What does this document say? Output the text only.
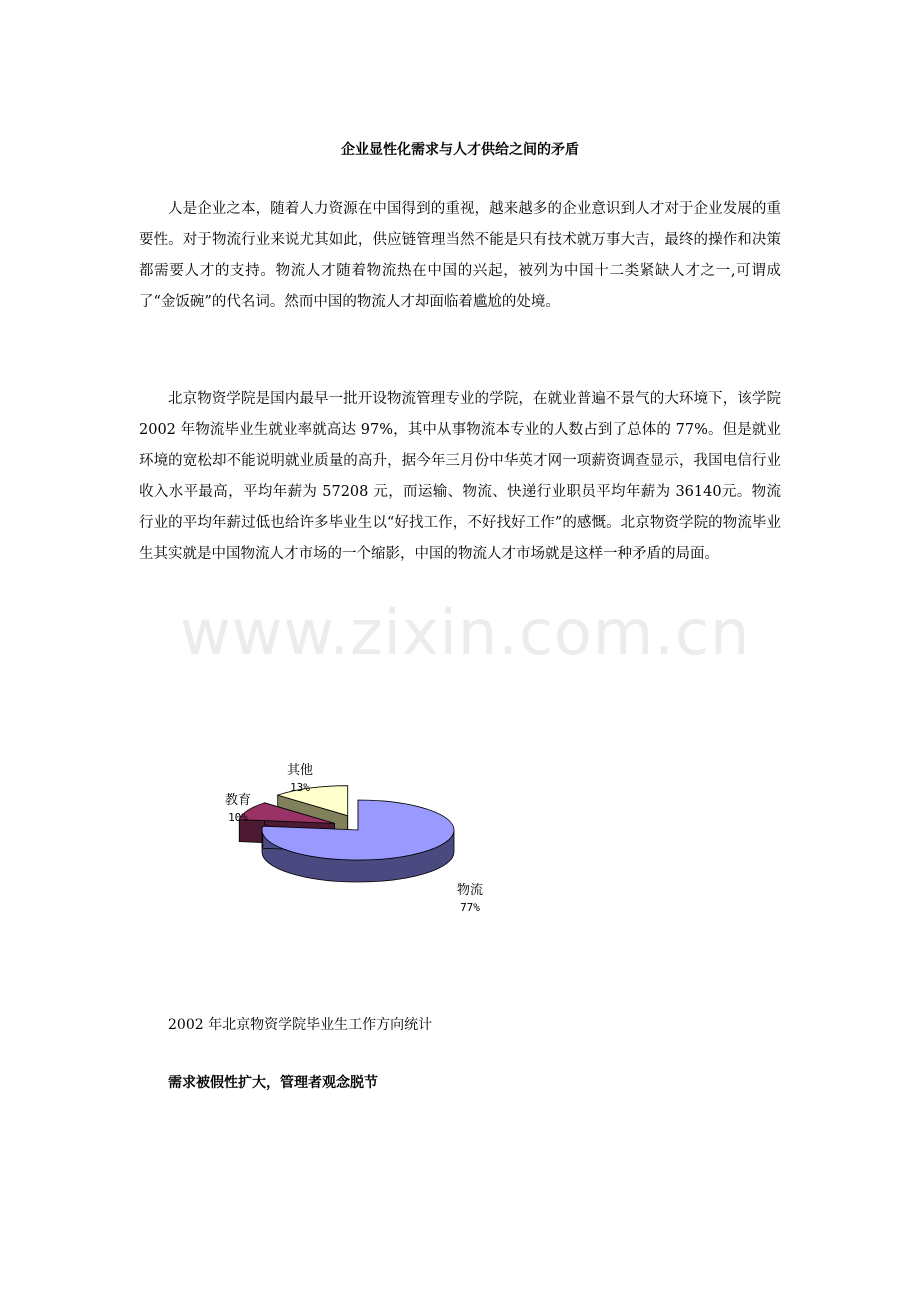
www.zixin.com.cn
企业显性化需求与人才供给之间的矛盾

人是企业之本，随着人力资源在中国得到的重视，越来越多的企业意识到人才对于企业发展的重要性。对于物流行业来说尤其如此，供应链管理当然不能是只有技术就万事大吉，最终的操作和决策都需要人才的支持。物流人才随着物流热在中国的兴起，被列为中国十二类紧缺人才之一,可谓成了“金饭碗”的代名词。然而中国的物流人才却面临着尴尬的处境。

北京物资学院是国内最早一批开设物流管理专业的学院，在就业普遍不景气的大环境下，该学院 2002 年物流毕业生就业率就高达 97%，其中从事物流本专业的人数占到了总体的 77%。但是就业环境的宽松却不能说明就业质量的高升，据今年三月份中华英才网一项薪资调查显示，我国电信行业收入水平最高，平均年薪为 57208 元，而运输、物流、快递行业职员平均年薪为 36140元。物流行业的平均年薪过低也给许多毕业生以“好找工作，不好找好工作”的感慨。北京物资学院的物流毕业生其实就是中国物流人才市场的一个缩影，中国的物流人才市场就是这样一种矛盾的局面。

物流
77%
教育
10%
其他
13%
2002 年北京物资学院毕业生工作方向统计
需求被假性扩大，管理者观念脱节
